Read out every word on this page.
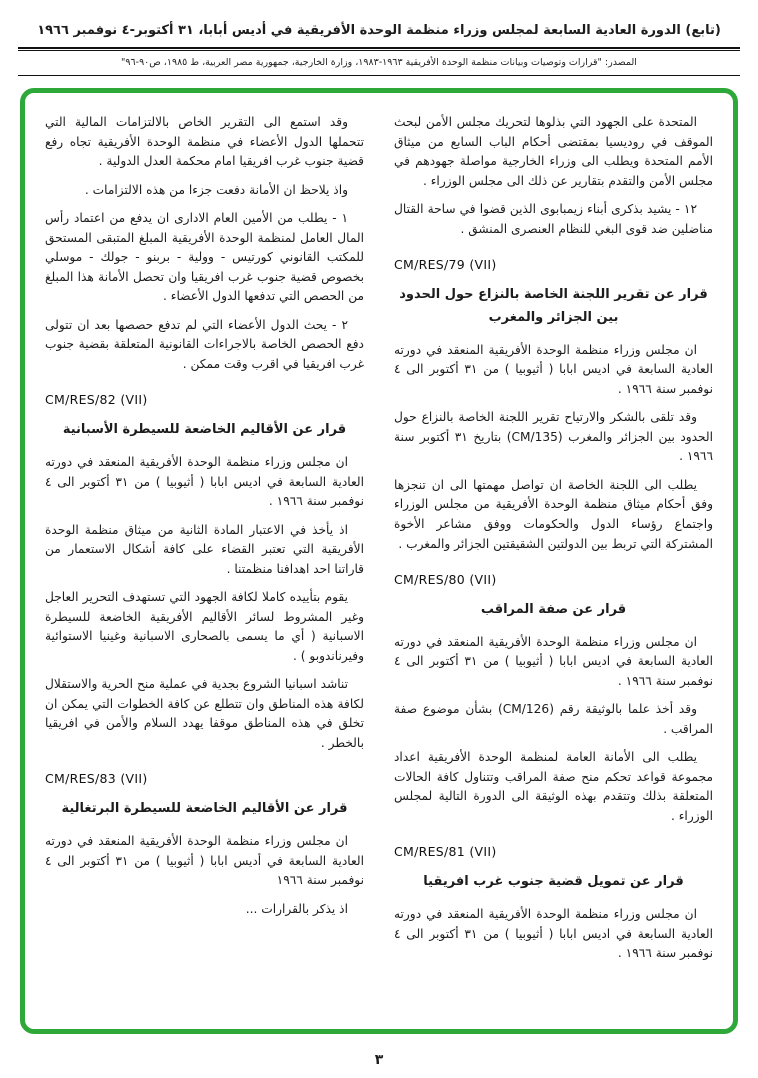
(تابع) الدورة العادية السابعة لمجلس وزراء منظمة الوحدة الأفريقية في أديس أبابا، ٣١ أكتوبر-٤ نوفمبر ١٩٦٦
المصدر: "قرارات وتوصيات وبيانات منظمة الوحدة الأفريقية ١٩٦٣-١٩٨٣، وزارة الخارجية، جمهورية مصر العربية، ط ١٩٨٥، ص٩٠-٩٦"

المتحدة على الجهود التي بذلوها لتحريك مجلس الأمن لبحث الموقف في روديسيا بمقتضى أحكام الباب السابع من ميثاق الأمم المتحدة ويطلب الى وزراء الخارجية مواصلة جهودهم في مجلس الأمن والتقدم بتقارير عن ذلك الى مجلس الوزراء .

١٢ - يشيد بذكرى أبناء زيمبابوى الذين قضوا في ساحة القتال مناضلين ضد قوى البغي للنظام العنصرى المنشق .

CM/RES/79 (VII)
قرار عن تقرير اللجنة الخاصة بالنزاع حول الحدود بين الجزائر والمغرب

ان مجلس وزراء منظمة الوحدة الأفريقية المنعقد في دورته العادية السابعة في اديس ابابا ( أثيوبيا ) من ٣١ أكتوبر الى ٤ نوفمبر سنة ١٩٦٦ .

وقد تلقى بالشكر والارتياح تقرير اللجنة الخاصة بالنزاع حول الحدود بين الجزائر والمغرب (CM/135) بتاريخ ٣١ أكتوبر سنة ١٩٦٦ .

يطلب الى اللجنة الخاصة ان تواصل مهمتها الى ان تنجزها وفق أحكام ميثاق منظمة الوحدة الأفريقية من مجلس الوزراء واجتماع رؤساء الدول والحكومات ووفق مشاعر الأخوة المشتركة التي تربط بين الدولتين الشقيقتين الجزائر والمغرب .

CM/RES/80 (VII)
قرار عن صفة المراقب

ان مجلس وزراء منظمة الوحدة الأفريقية المنعقد في دورته العادية السابعة في اديس ابابا ( أثيوبيا ) من ٣١ أكتوبر الى ٤ نوفمبر سنة ١٩٦٦ .

وقد أخذ علما بالوثيقة رقم (CM/126) بشأن موضوع صفة المراقب .

يطلب الى الأمانة العامة لمنظمة الوحدة الأفريقية اعداد مجموعة قواعد تحكم منح صفة المراقب وتتناول كافة الحالات المتعلقة بذلك وتتقدم بهذه الوثيقة الى الدورة التالية لمجلس الوزراء .

CM/RES/81 (VII)
قرار عن تمويل قضية جنوب غرب افريقيا

ان مجلس وزراء منظمة الوحدة الأفريقية المنعقد في دورته العادية السابعة في اديس ابابا ( أثيوبيا ) من ٣١ أكتوبر الى ٤ نوفمبر سنة ١٩٦٦ .

وقد استمع الى التقرير الخاص بالالتزامات المالية التي تتحملها الدول الأعضاء في منظمة الوحدة الأفريقية تجاه رفع قضية جنوب غرب افريقيا امام محكمة العدل الدولية .

واذ يلاحظ ان الأمانة دفعت جزءا من هذه الالتزامات .

١ - يطلب من الأمين العام الادارى ان يدفع من اعتماد رأس المال العامل لمنظمة الوحدة الأفريقية المبلغ المتبقى المستحق للمكتب القانوني كورتيس - وولية - بربنو - جولك - موسلي بخصوص قضية جنوب غرب افريقيا وان تحصل الأمانة هذا المبلغ من الحصص التي تدفعها الدول الأعضاء .

٢ - يحث الدول الأعضاء التي لم تدفع حصصها بعد ان تتولى دفع الحصص الخاصة بالاجراءات القانونية المتعلقة بقضية جنوب غرب افريقيا في اقرب وقت ممكن .

CM/RES/82 (VII)
قرار عن الأقاليم الخاضعة للسيطرة الأسبانية

ان مجلس وزراء منظمة الوحدة الأفريقية المنعقد في دورته العادية السابعة في اديس ابابا ( أثيوبيا ) من ٣١ أكتوبر الى ٤ نوفمبر سنة ١٩٦٦ .

اذ يأخذ في الاعتبار المادة الثانية من ميثاق منظمة الوحدة الأفريقية التي تعتبر القضاء على كافة أشكال الاستعمار من قاراتنا احد اهدافنا منظمتنا .

يقوم بتأييده كاملا لكافة الجهود التي تستهدف التحرير العاجل وغير المشروط لسائر الأقاليم الأفريقية الخاضعة للسيطرة الاسبانية ( أي ما يسمى بالصحارى الاسبانية وغينيا الاستوائية وفيرناندوبو ) .

تناشد اسبانيا الشروع بجدية في عملية منح الحرية والاستقلال لكافة هذه المناطق وان تتطلع عن كافة الخطوات التي يمكن ان تخلق في هذه المناطق موقفا يهدد السلام والأمن في افريقيا بالخطر .

CM/RES/83 (VII)
قرار عن الأقاليم الخاضعة للسيطرة البرتغالية

ان مجلس وزراء منظمة الوحدة الأفريقية المنعقد في دورته العادية السابعة في أديس ابابا ( أثيوبيا ) من ٣١ أكتوبر الى ٤ نوفمبر سنة ١٩٦٦

اذ يذكر بالقرارات ...

٣
